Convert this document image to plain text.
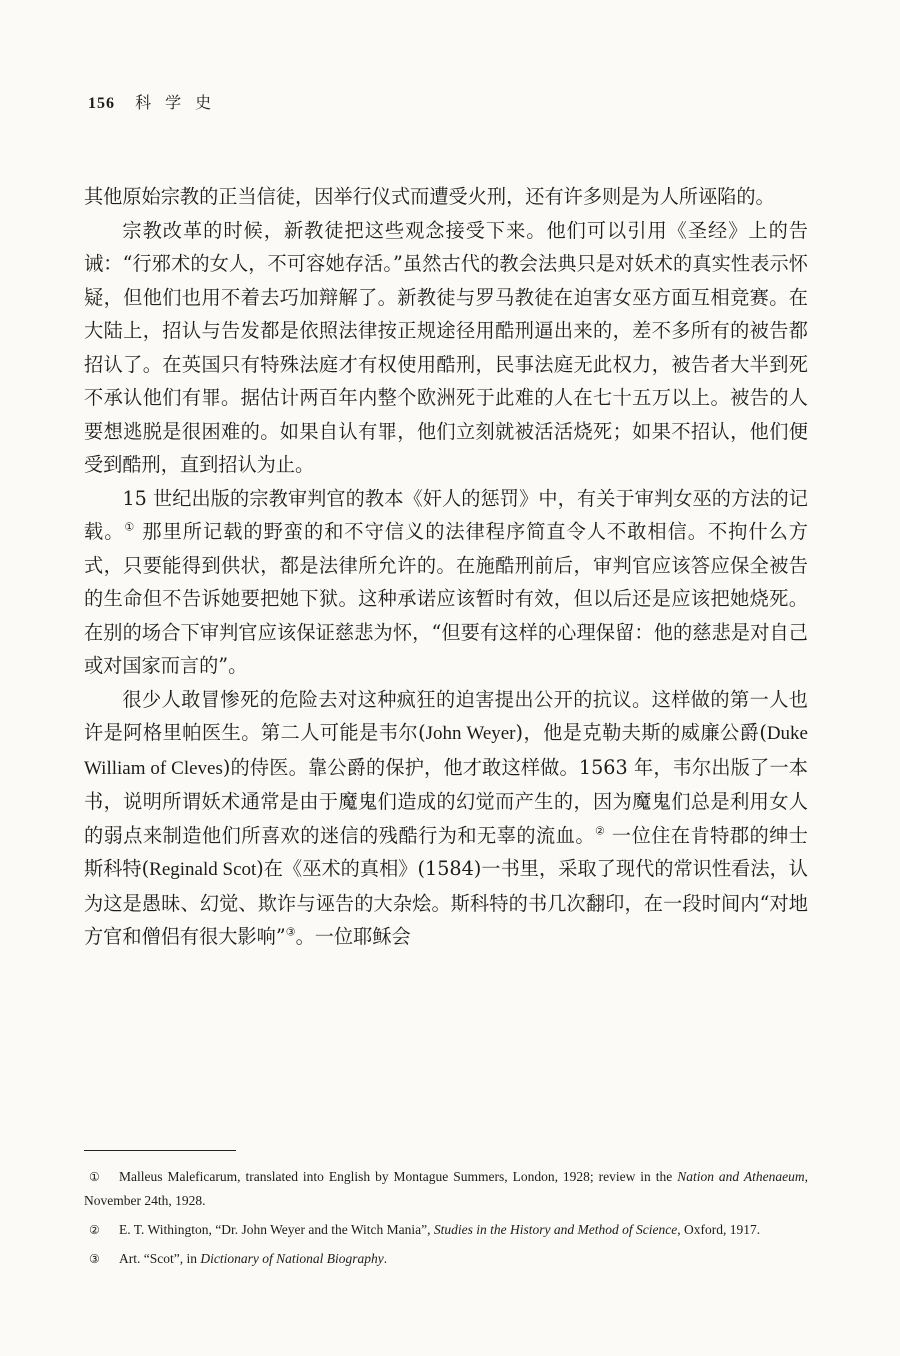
156 科学史

其他原始宗教的正当信徒，因举行仪式而遭受火刑，还有许多则是为人所诬陷的。

宗教改革的时候，新教徒把这些观念接受下来。他们可以引用《圣经》上的告诫：“行邪术的女人，不可容她存活。”虽然古代的教会法典只是对妖术的真实性表示怀疑，但他们也用不着去巧加辩解了。新教徒与罗马教徒在迫害女巫方面互相竞赛。在大陆上，招认与告发都是依照法律按正规途径用酷刑逼出来的，差不多所有的被告都招认了。在英国只有特殊法庭才有权使用酷刑，民事法庭无此权力，被告者大半到死不承认他们有罪。据估计两百年内整个欧洲死于此难的人在七十五万以上。被告的人要想逃脱是很困难的。如果自认有罪，他们立刻就被活活烧死；如果不招认，他们便受到酷刑，直到招认为止。

15 世纪出版的宗教审判官的教本《奸人的惩罚》中，有关于审判女巫的方法的记载。① 那里所记载的野蛮的和不守信义的法律程序简直令人不敢相信。不拘什么方式，只要能得到供状，都是法律所允许的。在施酷刑前后，审判官应该答应保全被告的生命但不告诉她要把她下狱。这种承诺应该暂时有效，但以后还是应该把她烧死。在别的场合下审判官应该保证慈悲为怀，“但要有这样的心理保留：他的慈悲是对自己或对国家而言的”。

很少人敢冒惨死的危险去对这种疯狂的迫害提出公开的抗议。这样做的第一人也许是阿格里帕医生。第二人可能是韦尔(John Weyer)，他是克勒夫斯的威廉公爵(Duke William of Cleves)的侍医。靠公爵的保护，他才敢这样做。1563 年，韦尔出版了一本书，说明所谓妖术通常是由于魔鬼们造成的幻觉而产生的，因为魔鬼们总是利用女人的弱点来制造他们所喜欢的迷信的残酷行为和无辜的流血。② 一位住在肯特郡的绅士斯科特(Reginald Scot)在《巫术的真相》(1584)一书里，采取了现代的常识性看法，认为这是愚昧、幻觉、欺诈与诬告的大杂烩。斯科特的书几次翻印，在一段时间内“对地方官和僧侣有很大影响”③。一位耶稣会

① Malleus Maleficarum, translated into English by Montague Summers, London, 1928; review in the Nation and Athenaeum, November 24th, 1928.
② E. T. Withington, “Dr. John Weyer and the Witch Mania”, Studies in the History and Method of Science, Oxford, 1917.
③ Art. “Scot”, in Dictionary of National Biography.
